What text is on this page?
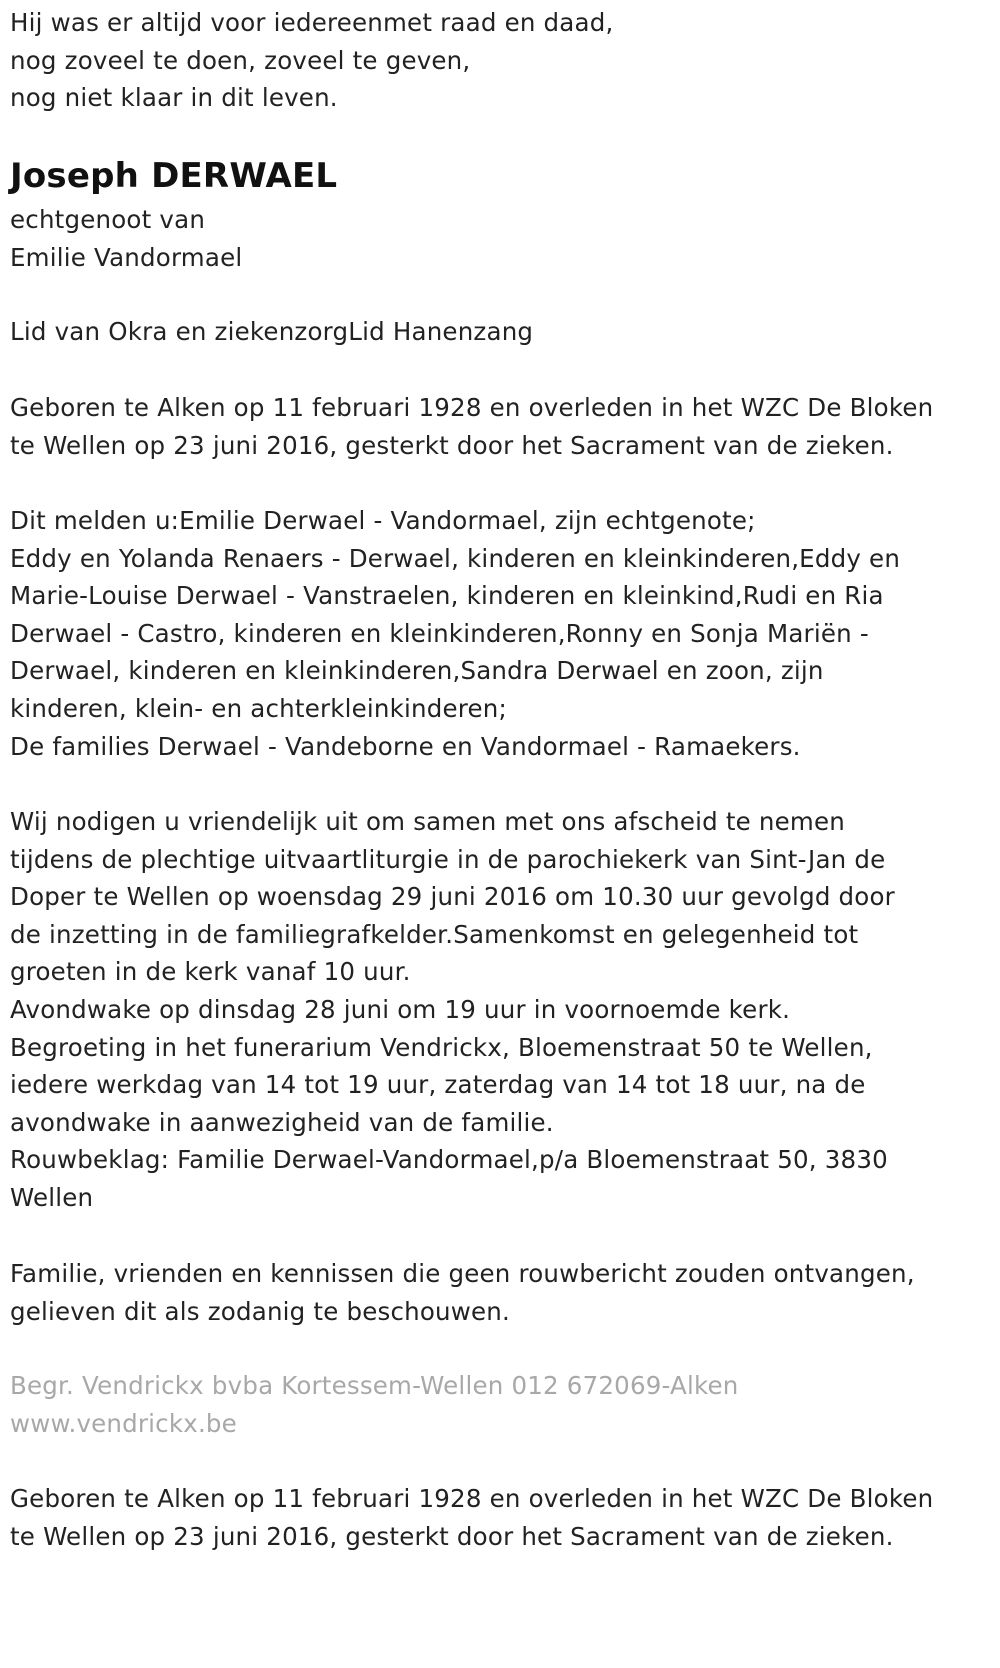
Hij was er altijd voor iedereenmet raad en daad,
nog zoveel te doen, zoveel te geven,
nog niet klaar in dit leven.

Joseph DERWAEL

echtgenoot van
Emilie Vandormael

Lid van Okra en ziekenzorgLid Hanenzang

Geboren te Alken op 11 februari 1928 en overleden in het WZC De Bloken
te Wellen op 23 juni 2016, gesterkt door het Sacrament van de zieken.

Dit melden u:Emilie Derwael - Vandormael, zijn echtgenote;
Eddy en Yolanda Renaers - Derwael, kinderen en kleinkinderen,Eddy en
Marie-Louise Derwael - Vanstraelen, kinderen en kleinkind,Rudi en Ria
Derwael - Castro, kinderen en kleinkinderen,Ronny en Sonja Mariën -
Derwael, kinderen en kleinkinderen,Sandra Derwael en zoon, zijn
kinderen, klein- en achterkleinkinderen;
De families Derwael - Vandeborne en Vandormael - Ramaekers.

Wij nodigen u vriendelijk uit om samen met ons afscheid te nemen
tijdens de plechtige uitvaartliturgie in de parochiekerk van Sint-Jan de
Doper te Wellen op woensdag 29 juni 2016 om 10.30 uur gevolgd door
de inzetting in de familiegrafkelder.Samenkomst en gelegenheid tot
groeten in de kerk vanaf 10 uur.
Avondwake op dinsdag 28 juni om 19 uur in voornoemde kerk.
Begroeting in het funerarium Vendrickx, Bloemenstraat 50 te Wellen,
iedere werkdag van 14 tot 19 uur, zaterdag van 14 tot 18 uur, na de
avondwake in aanwezigheid van de familie.
Rouwbeklag: Familie Derwael-Vandormael,p/a Bloemenstraat 50, 3830
Wellen

Familie, vrienden en kennissen die geen rouwbericht zouden ontvangen,
gelieven dit als zodanig te beschouwen.

Begr. Vendrickx bvba Kortessem-Wellen 012 672069-Alken
www.vendrickx.be

Geboren te Alken op 11 februari 1928 en overleden in het WZC De Bloken
te Wellen op 23 juni 2016, gesterkt door het Sacrament van de zieken.
